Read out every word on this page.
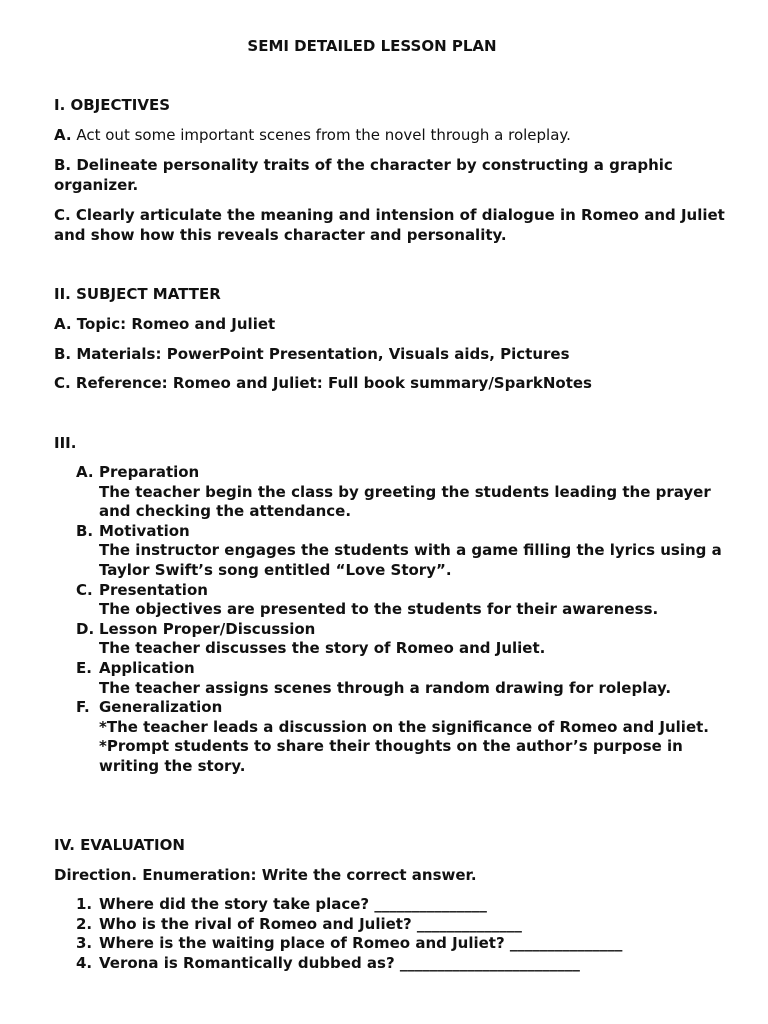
SEMI DETAILED LESSON PLAN
I. OBJECTIVES
A. Act out some important scenes from the novel through a roleplay.
B. Delineate personality traits of the character by constructing a graphic organizer.
C. Clearly articulate the meaning and intension of dialogue in Romeo and Juliet and show how this reveals character and personality.
II. SUBJECT MATTER
A. Topic: Romeo and Juliet
B. Materials: PowerPoint Presentation, Visuals aids, Pictures
C. Reference: Romeo and Juliet: Full book summary/SparkNotes
III.
A. Preparation
The teacher begin the class by greeting the students leading the prayer
and checking the attendance.
B. Motivation
The instructor engages the students with a game filling the lyrics using a
Taylor Swift’s song entitled “Love Story”.
C. Presentation
The objectives are presented to the students for their awareness.
D. Lesson Proper/Discussion
The teacher discusses the story of Romeo and Juliet.
E. Application
The teacher assigns scenes through a random drawing for roleplay.
F. Generalization
*The teacher leads a discussion on the significance of Romeo and Juliet.
*Prompt students to share their thoughts on the author’s purpose in
writing the story.
IV. EVALUATION
Direction. Enumeration: Write the correct answer.
1. Where did the story take place? _______________
2. Who is the rival of Romeo and Juliet? ______________
3. Where is the waiting place of Romeo and Juliet? _______________
4. Verona is Romantically dubbed as? ________________________
